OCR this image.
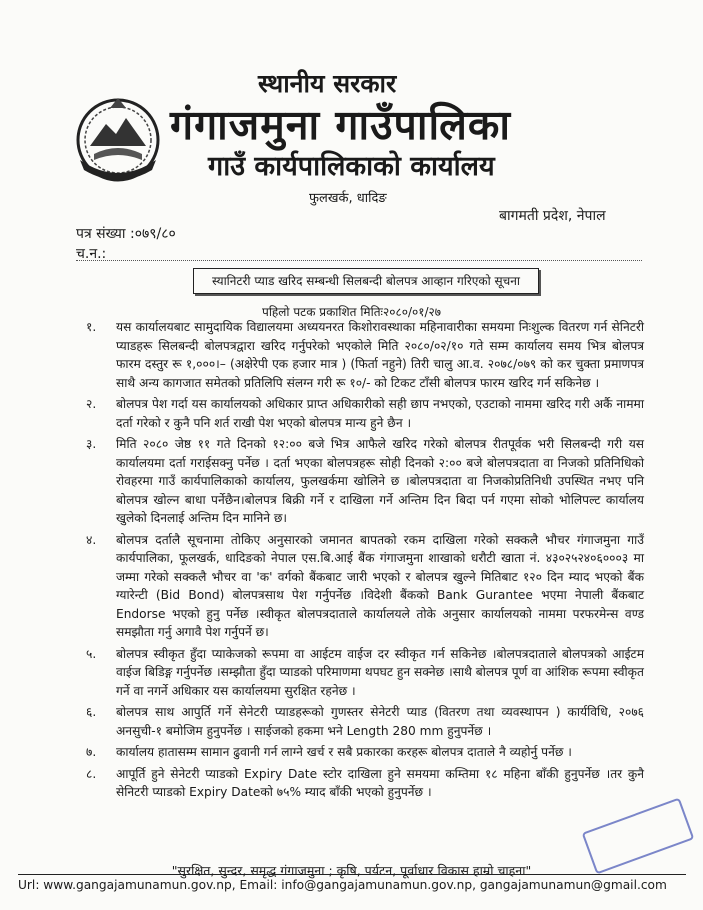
स्थानीय सरकार
गंगाजमुना गाउँपालिका
गाउँ कार्यपालिकाको कार्यालय
फुलखर्क, धादिङ
बागमती प्रदेश, नेपाल
पत्र संख्या :०७९/८०
च.न.:
स्यानिटरी प्याड खरिद सम्बन्धी सिलबन्दी बोलपत्र आव्हान गरिएको सूचना
पहिलो पटक प्रकाशित मितिः२०८०/०१/२७
१. यस कार्यालयबाट सामुदायिक विद्यालयमा अध्ययनरत किशोरावस्थाका महिनावारीका समयमा निःशुल्क वितरण गर्न सेनिटरी प्याडहरू सिलबन्दी बोलपत्रद्वारा खरिद गर्नुपरेको भएकोले मिति २०८०/०२/१० गते सम्म कार्यालय समय भित्र बोलपत्र फारम दस्तुर रू १,०००।– (अक्षेरेपी एक हजार मात्र ) (फिर्ता नहुने) तिरी चालु आ.व. २०७८/०७९ को कर चुक्ता प्रमाणपत्र साथै अन्य कागजात समेतको प्रतिलिपि संलग्न गरी रू १०/- को टिकट टाँसी बोलपत्र फारम खरिद गर्न सकिनेछ ।
२. बोलपत्र पेश गर्दा यस कार्यालयको अधिकार प्राप्त अधिकारीको सही छाप नभएको, एउटाको नाममा खरिद गरी अर्कै नाममा दर्ता गरेको र कुनै पनि शर्त राखी पेश भएको बोलपत्र मान्य हुने छैन ।
३. मिति २०८० जेष्ठ ११ गते दिनको १२:०० बजे भित्र आफैले खरिद गरेको बोलपत्र रीतपूर्वक भरी सिलबन्दी गरी यस कार्यालयमा दर्ता गराईसक्नु पर्नेछ । दर्ता भएका बोलपत्रहरू सोही दिनको २:०० बजे बोलपत्रदाता वा निजको प्रतिनिधिको रोवहरमा गाउँ कार्यपालिकाको कार्यालय, फुलखर्कमा खोलिने छ ।बोलपत्रदाता वा निजकोप्रतिनिधी उपस्थित नभए पनि बोलपत्र खोल्न बाधा पर्नेछैन।बोलपत्र बिक्री गर्ने र दाखिला गर्ने अन्तिम दिन बिदा पर्न गएमा सोको भोलिपल्ट कार्यालय खुलेको दिनलाई अन्तिम दिन मानिने छ।
४. बोलपत्र दर्तालै सूचनामा तोकिए अनुसारको जमानत बापतको रकम दाखिला गरेको सक्कलै भौचर गंगाजमुना गाउँ कार्यपालिका, फूलखर्क, धादिङको नेपाल एस.बि.आई बैंक गंगाजमुना शाखाको धरौटी खाता नं. ४३०२५२४०६०००३ मा जम्मा गरेको सक्कलै भौचर वा 'क' वर्गको बैंकबाट जारी भएको र बोलपत्र खुल्ने मितिबाट १२० दिन म्याद भएको बैंक ग्यारेन्टी (Bid Bond) बोलपत्रसाथ पेश गर्नुपर्नेछ ।विदेशी बैंकको Bank Gurantee भएमा नेपाली बैंकबाट Endorse भएको हुनु पर्नेछ ।स्वीकृत बोलपत्रदाताले कार्यालयले तोके अनुसार कार्यालयको नाममा परफरमेन्स वण्ड समझौता गर्नु अगावै पेश गर्नुपर्ने छ।
५. बोलपत्र स्वीकृत हुँदा प्याकेजको रूपमा वा आईटम वाईज दर स्वीकृत गर्न सकिनेछ ।बोलपत्रदाताले बोलपत्रको आईटम वाईज बिडिङ्ग गर्नुपर्नेछ ।सम्झौता हुँदा प्याडको परिमाणमा थपघट हुन सक्नेछ ।साथै बोलपत्र पूर्ण वा आंशिक रूपमा स्वीकृत गर्ने वा नगर्ने अधिकार यस कार्यालयमा सुरक्षित रहनेछ ।
६. बोलपत्र साथ आपुर्ति गर्ने सेनेटरी प्याडहरूको गुणस्तर सेनेटरी प्याड (वितरण तथा व्यवस्थापन ) कार्यविधि, २०७६ अनसुची-१ बमोजिम हुनुपर्नेछ । साईजको हकमा भने Length 280 mm हुनुपर्नेछ ।
७. कार्यालय हातासम्म सामान ढुवानी गर्न लाग्ने खर्च र सबै प्रकारका करहरू बोलपत्र दाताले नै व्यहोर्नु पर्नेछ ।
८. आपूर्ति हुने सेनेटरी प्याडको Expiry Date स्टोर दाखिला हुने समयमा कम्तिमा १८ महिना बाँकी हुनुपर्नेछ ।तर कुनै सेनिटरी प्याडको Expiry Dateको ७५% म्याद बाँकी भएको हुनुपर्नेछ ।
"सुरक्षित, सुन्दर, समृद्ध गंगाजमुना ; कृषि, पर्यटन, पूर्वाधार विकास हाम्रो चाहना"
Url: www.gangajamunamun.gov.np, Email: info@gangajamunamun.gov.np, gangajamunamun@gmail.com
